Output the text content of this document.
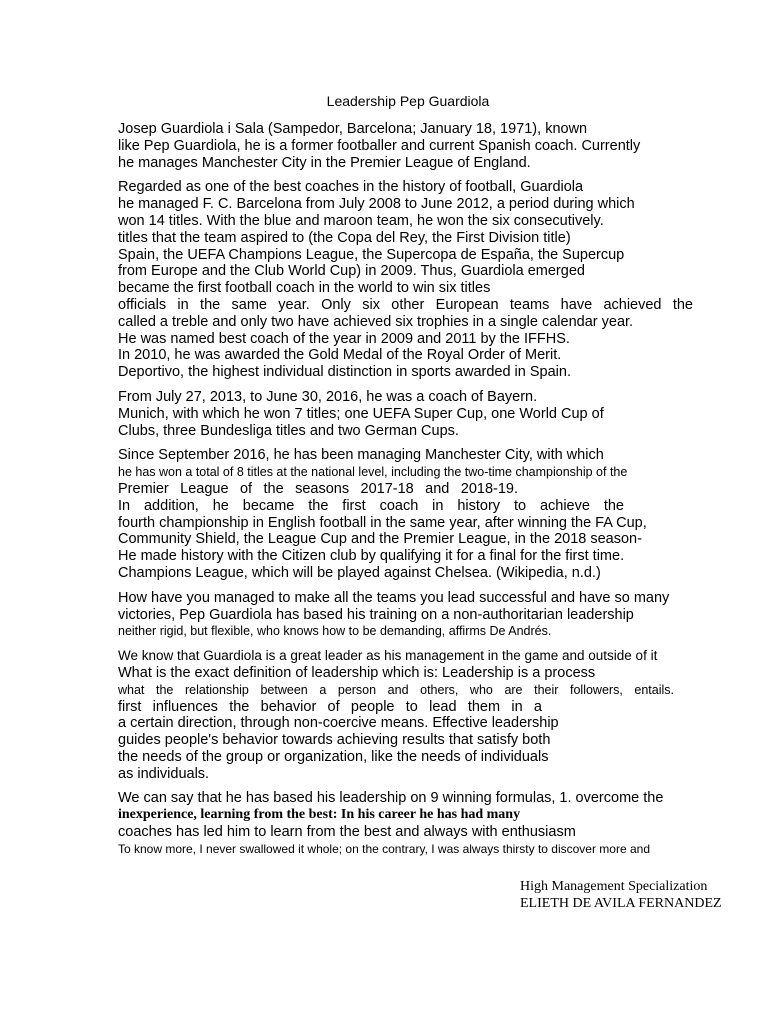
Leadership Pep Guardiola
Josep Guardiola i Sala (Sampedor, Barcelona; January 18, 1971), known
like Pep Guardiola, he is a former footballer and current Spanish coach. Currently
he manages Manchester City in the Premier League of England.
Regarded as one of the best coaches in the history of football, Guardiola
he managed F. C. Barcelona from July 2008 to June 2012, a period during which
won 14 titles. With the blue and maroon team, he won the six consecutively.
titles that the team aspired to (the Copa del Rey, the First Division title)
Spain, the UEFA Champions League, the Supercopa de España, the Supercup
from Europe and the Club World Cup) in 2009. Thus, Guardiola emerged
became the first football coach in the world to win six titles
officials in the same year. Only six other European teams have achieved the
called a treble and only two have achieved six trophies in a single calendar year.
He was named best coach of the year in 2009 and 2011 by the IFFHS.
In 2010, he was awarded the Gold Medal of the Royal Order of Merit.
Deportivo, the highest individual distinction in sports awarded in Spain.
From July 27, 2013, to June 30, 2016, he was a coach of Bayern.
Munich, with which he won 7 titles; one UEFA Super Cup, one World Cup of
Clubs, three Bundesliga titles and two German Cups.
Since September 2016, he has been managing Manchester City, with which
he has won a total of 8 titles at the national level, including the two-time championship of the
Premier League of the seasons 2017-18 and 2018-19.
In addition, he became the first coach in history to achieve the
fourth championship in English football in the same year, after winning the FA Cup,
Community Shield, the League Cup and the Premier League, in the 2018 season-
He made history with the Citizen club by qualifying it for a final for the first time.
Champions League, which will be played against Chelsea. (Wikipedia, n.d.)
How have you managed to make all the teams you lead successful and have so many
victories, Pep Guardiola has based his training on a non-authoritarian leadership
neither rigid, but flexible, who knows how to be demanding, affirms De Andrés.
We know that Guardiola is a great leader as his management in the game and outside of it
What is the exact definition of leadership which is: Leadership is a process
what the relationship between a person and others, who are their followers, entails.
first influences the behavior of people to lead them in a
a certain direction, through non-coercive means. Effective leadership
guides people's behavior towards achieving results that satisfy both
the needs of the group or organization, like the needs of individuals
as individuals.
We can say that he has based his leadership on 9 winning formulas, 1. overcome the
inexperience, learning from the best: In his career he has had many
coaches has led him to learn from the best and always with enthusiasm
To know more, I never swallowed it whole; on the contrary, I was always thirsty to discover more and
High Management Specialization
ELIETH DE AVILA FERNANDEZ
